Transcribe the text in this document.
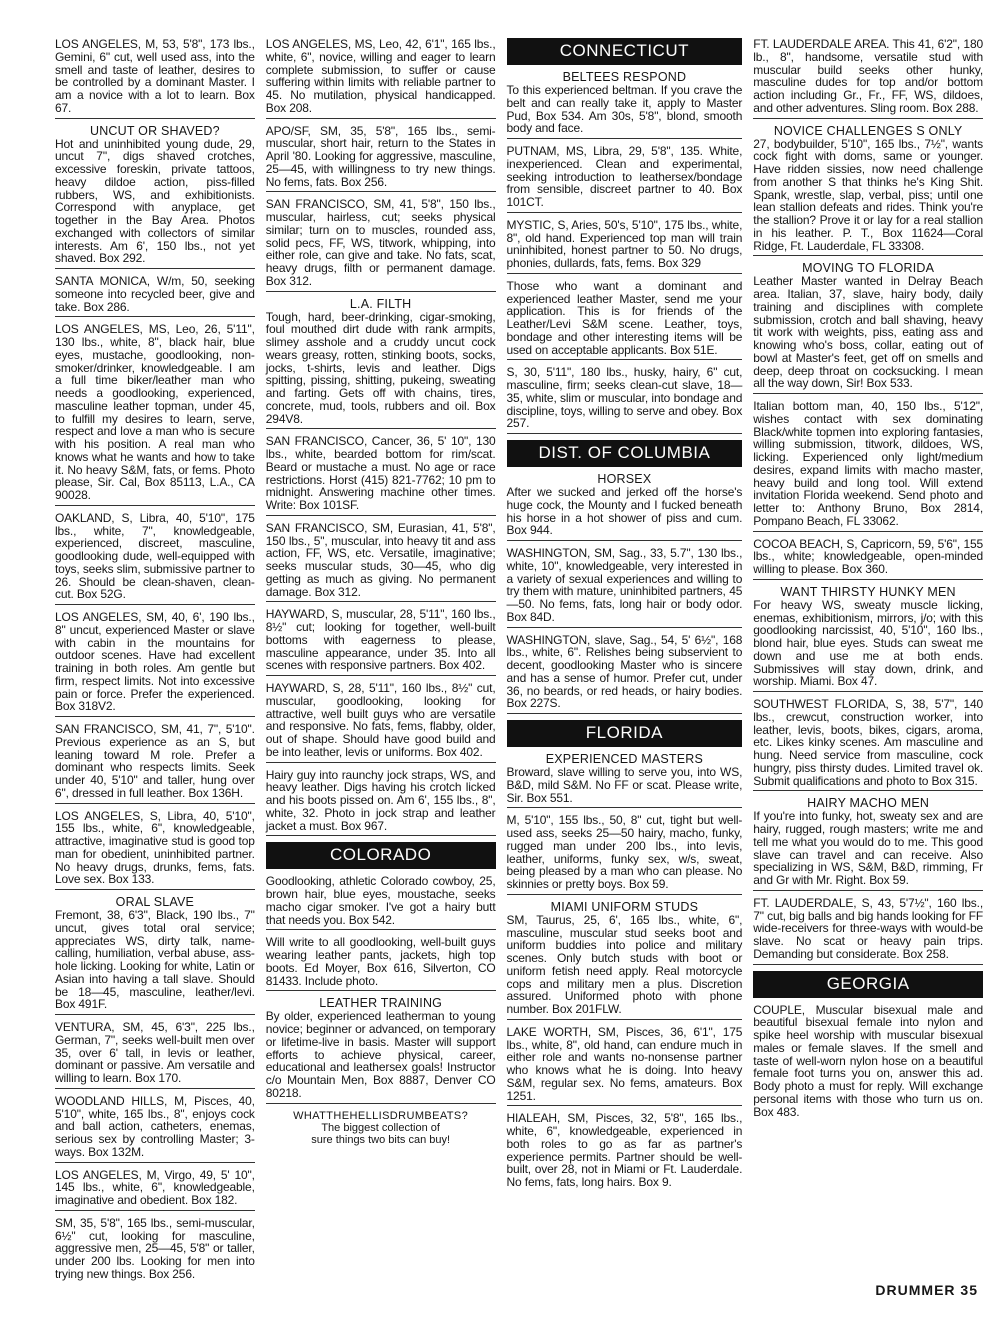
LOS ANGELES, M, 53, 5'8", 173 lbs., Gemini, 6" cut, well used ass, into the smell and taste of leather, desires to be controlled by a dominant Master. I am a novice with a lot to learn. Box 67.

UNCUT OR SHAVED?

Hot and uninhibited young dude, 29, uncut 7", digs shaved crotches, excessive foreskin, private tattoos, heavy dildoe action, piss-filled rubbers, WS, and exhibitionists. Correspond with anyplace, get together in the Bay Area. Photos exchanged with collectors of similar interests. Am 6', 150 lbs., not yet shaved. Box 292.

SANTA MONICA, W/m, 50, seeking someone into recycled beer, give and take. Box 286.

LOS ANGELES, MS, Leo, 26, 5'11", 130 lbs., white, 8", black hair, blue eyes, mustache, goodlooking, non-smoker/drinker, knowledgeable. I am a full time biker/leather man who needs a goodlooking, experienced, masculine leather topman, under 45, to fulfill my desires to learn, serve, respect and love a man who is secure with his position. A real man who knows what he wants and how to take it. No heavy S&M, fats, or fems. Photo please, Sir. Cal, Box 85113, L.A., CA 90028.

OAKLAND, S, Libra, 40, 5'10", 175 lbs., white, 7", knowledgeable, experienced, discreet, masculine, goodlooking dude, well-equipped with toys, seeks slim, submissive partner to 26. Should be clean-shaven, clean-cut. Box 52G.

LOS ANGELES, SM, 40, 6', 190 lbs., 8" uncut, experienced Master or slave with cabin in the mountains for outdoor scenes. Have had excellent training in both roles. Am gentle but firm, respect limits. Not into excessive pain or force. Prefer the experienced. Box 318V2.

SAN FRANCISCO, SM, 41, 7", 5'10". Previous experience as an S, but leaning toward M role. Prefer a dominant who respects limits. Seek under 40, 5'10" and taller, hung over 6", dressed in full leather. Box 136H.

LOS ANGELES, S, Libra, 40, 5'10", 155 lbs., white, 6", knowledgeable, attractive, imaginative stud is good top man for obedient, uninhibited partner. No heavy drugs, drunks, fems, fats. Love sex. Box 133.

ORAL SLAVE

Fremont, 38, 6'3", Black, 190 lbs., 7" uncut, gives total oral service; appreciates WS, dirty talk, name-calling, humiliation, verbal abuse, ass-hole licking. Looking for white, Latin or Asian into having a tall slave. Should be 18—45, masculine, leather/levi. Box 491F.

VENTURA, SM, 45, 6'3", 225 lbs., German, 7", seeks well-built men over 35, over 6' tall, in levis or leather, dominant or passive. Am versatile and willing to learn. Box 170.

WOODLAND HILLS, M, Pisces, 40, 5'10", white, 165 lbs., 8", enjoys cock and ball action, catheters, enemas, serious sex by controlling Master; 3-ways. Box 132M.

LOS ANGELES, M, Virgo, 49, 5' 10", 145 lbs., white, 6", knowledgeable, imaginative and obedient. Box 182.

SM, 35, 5'8", 165 lbs., semi-muscular, 6½" cut, looking for masculine, aggressive men, 25—45, 5'8" or taller, under 200 lbs. Looking for men into trying new things. Box 256.

LOS ANGELES, MS, Leo, 42, 6'1", 165 lbs., white, 6", novice, willing and eager to learn complete submission, to suffer or cause suffering within limits with reliable partner to 45. No mutilation, physical handicapped. Box 208.

APO/SF, SM, 35, 5'8", 165 lbs., semi-muscular, short hair, return to the States in April '80. Looking for aggressive, masculine, 25—45, with willingness to try new things. No fems, fats. Box 256.

SAN FRANCISCO, SM, 41, 5'8", 150 lbs., muscular, hairless, cut; seeks physical similar; turn on to muscles, rounded ass, solid pecs, FF, WS, titwork, whipping, into either role, can give and take. No fats, scat, heavy drugs, filth or permanent damage. Box 312.

L.A. FILTH

Tough, hard, beer-drinking, cigar-smoking, foul mouthed dirt dude with rank armpits, slimey asshole and a cruddy uncut cock wears greasy, rotten, stinking boots, socks, jocks, t-shirts, levis and leather. Digs spitting, pissing, shitting, pukeing, sweating and farting. Gets off with chains, tires, concrete, mud, tools, rubbers and oil. Box 294V8.

SAN FRANCISCO, Cancer, 36, 5' 10", 130 lbs., white, bearded bottom for rim/scat. Beard or mustache a must. No age or race restrictions. Horst (415) 821-7762; 10 pm to midnight. Answering machine other times. Write: Box 101SF.

SAN FRANCISCO, SM, Eurasian, 41, 5'8", 150 lbs., 5", muscular, into heavy tit and ass action, FF, WS, etc. Versatile, imaginative; seeks muscular studs, 30—45, who dig getting as much as giving. No permanent damage. Box 312.

HAYWARD, S, muscular, 28, 5'11", 160 lbs., 8½" cut; looking for together, well-built bottoms with eagerness to please, masculine appearance, under 35. Into all scenes with responsive partners. Box 402.

HAYWARD, S, 28, 5'11", 160 lbs., 8½" cut, muscular, goodlooking, looking for attractive, well built guys who are versatile and responsive. No fats, fems, flabby, older, out of shape. Should have good build and be into leather, levis or uniforms. Box 402.

Hairy guy into raunchy jock straps, WS, and heavy leather. Digs having his crotch licked and his boots pissed on. Am 6', 155 lbs., 8", white, 32. Photo in jock strap and leather jacket a must. Box 967.

COLORADO

Goodlooking, athletic Colorado cowboy, 25, brown hair, blue eyes, moustache, seeks macho cigar smoker. I've got a hairy butt that needs you. Box 542.

Will write to all goodlooking, well-built guys wearing leather pants, jackets, high top boots. Ed Moyer, Box 616, Silverton, CO 81433. Include photo.

LEATHER TRAINING

By older, experienced leatherman to young novice; beginner or advanced, on temporary or lifetime-live in basis. Master will support efforts to achieve physical, career, educational and leathersex goals! Instructor c/o Mountain Men, Box 8887, Denver CO 80218.

WHATTHEHELLISDRUMBEATS?
The biggest collection of
sure things two bits can buy!
CONNECTICUT
BELTEES RESPOND

To this experienced beltman. If you crave the belt and can really take it, apply to Master Pud, Box 534. Am 30s, 5'8", blond, smooth body and face.

PUTNAM, MS, Libra, 29, 5'8", 135. White, inexperienced. Clean and experimental, seeking introduction to leathersex/bondage from sensible, discreet partner to 40. Box 101CT.

MYSTIC, S, Aries, 50's, 5'10", 175 lbs., white, 8", old hand. Experienced top man will train uninhibited, honest partner to 50. No drugs, phonies, dullards, fats, fems. Box 329

Those who want a dominant and experienced leather Master, send me your application. This is for friends of the Leather/Levi S&M scene. Leather, toys, bondage and other interesting items will be used on acceptable applicants. Box 51E.

S, 30, 5'11", 180 lbs., husky, hairy, 6" cut, masculine, firm; seeks clean-cut slave, 18—35, white, slim or muscular, into bondage and discipline, toys, willing to serve and obey. Box 257.

DIST. OF COLUMBIA
HORSEX

After we sucked and jerked off the horse's huge cock, the Mounty and I fucked beneath his horse in a hot shower of piss and cum. Box 944.

WASHINGTON, SM, Sag., 33, 5.7", 130 lbs., white, 10", knowledgeable, very interested in a variety of sexual experiences and willing to try them with mature, uninhibited partners, 45—50. No fems, fats, long hair or body odor. Box 84D.

WASHINGTON, slave, Sag., 54, 5' 6½", 168 lbs., white, 6". Relishes being subservient to decent, goodlooking Master who is sincere and has a sense of humor. Prefer cut, under 36, no beards, or red heads, or hairy bodies. Box 227S.

FLORIDA
EXPERIENCED MASTERS

Broward, slave willing to serve you, into WS, B&D, mild S&M. No FF or scat. Please write, Sir. Box 551.

M, 5'10", 155 lbs., 50, 8" cut, tight but well-used ass, seeks 25—50 hairy, macho, funky, rugged man under 200 lbs., into levis, leather, uniforms, funky sex, w/s, sweat, being pleased by a man who can please. No skinnies or pretty boys. Box 59.

MIAMI UNIFORM STUDS

SM, Taurus, 25, 6', 165 lbs., white, 6", masculine, muscular stud seeks boot and uniform buddies into police and military scenes. Only butch studs with boot or uniform fetish need apply. Real motorcycle cops and military men a plus. Discretion assured. Uniformed photo with phone number. Box 201FLW.

LAKE WORTH, SM, Pisces, 36, 6'1", 175 lbs., white, 8", old hand, can endure much in either role and wants no-nonsense partner who knows what he is doing. Into heavy S&M, regular sex. No fems, amateurs. Box 1251.

HIALEAH, SM, Pisces, 32, 5'8", 165 lbs., white, 6", knowledgeable, experienced in both roles to go as far as partner's experience permits. Partner should be well-built, over 28, not in Miami or Ft. Lauderdale. No fems, fats, long hairs. Box 9.

FT. LAUDERDALE AREA. This 41, 6'2", 180 lb., 8", handsome, versatile stud with muscular build seeks other hunky, masculine dudes for top and/or bottom action including Gr., Fr., FF, WS, dildoes, and other adventures. Sling room. Box 288.

NOVICE CHALLENGES S ONLY

27, bodybuilder, 5'10", 165 lbs., 7½", wants cock fight with doms, same or younger. Have ridden sissies, now need challenge from another S that thinks he's King Shit. Spank, wrestle, slap, verbal, piss; until one lean stallion defeats and rides. Think you're the stallion? Prove it or lay for a real stallion in his leather. P. T., Box 11624—Coral Ridge, Ft. Lauderdale, FL 33308.

MOVING TO FLORIDA

Leather Master wanted in Delray Beach area. Italian, 37, slave, hairy body, daily training and disciplines with complete submission, crotch and ball shaving, heavy tit work with weights, piss, eating ass and knowing who's boss, collar, eating out of bowl at Master's feet, get off on smells and deep, deep throat on cocksucking. I mean all the way down, Sir! Box 533.

Italian bottom man, 40, 150 lbs., 5'12", wishes contact with sex dominating Black/white topmen into exploring fantasies, willing submission, titwork, dildoes, WS, licking. Experienced only light/medium desires, expand limits with macho master, heavy build and long tool. Will extend invitation Florida weekend. Send photo and letter to: Anthony Bruno, Box 2814, Pompano Beach, FL 33062.

COCOA BEACH, S, Capricorn, 59, 5'6", 155 lbs., white; knowledgeable, open-minded willing to please. Box 360.

WANT THIRSTY HUNKY MEN

For heavy WS, sweaty muscle licking, enemas, exhibitionism, mirrors, j/o; with this goodlooking narcissist, 40, 5'10", 160 lbs., blond hair, blue eyes. Studs can sweat me down and use me at both ends. Submissives will stay down, drink, and worship. Miami. Box 47.

SOUTHWEST FLORIDA, S, 38, 5'7", 140 lbs., crewcut, construction worker, into leather, levis, boots, bikes, cigars, aroma, etc. Likes kinky scenes. Am masculine and hung. Need service from masculine, cock hungry, piss thirsty dudes. Limited travel ok. Submit qualifications and photo to Box 315.

HAIRY MACHO MEN

If you're into funky, hot, sweaty sex and are hairy, rugged, rough masters; write me and tell me what you would do to me. This good slave can travel and can receive. Also specializing in WS, S&M, B&D, rimming, Fr and Gr with Mr. Right. Box 59.

FT. LAUDERDALE, S, 43, 5'7½", 160 lbs., 7" cut, big balls and big hands looking for FF wide-receivers for three-ways with would-be slave. No scat or heavy pain trips. Demanding but considerate. Box 258.

GEORGIA

COUPLE, Muscular bisexual male and beautiful bisexual female into nylon and spike heel worship with muscular bisexual males or female slaves. If the smell and taste of well-worn nylon hose on a beautiful female foot turns you on, answer this ad. Body photo a must for reply. Will exchange personal items with those who turn us on. Box 483.

DRUMMER 35
